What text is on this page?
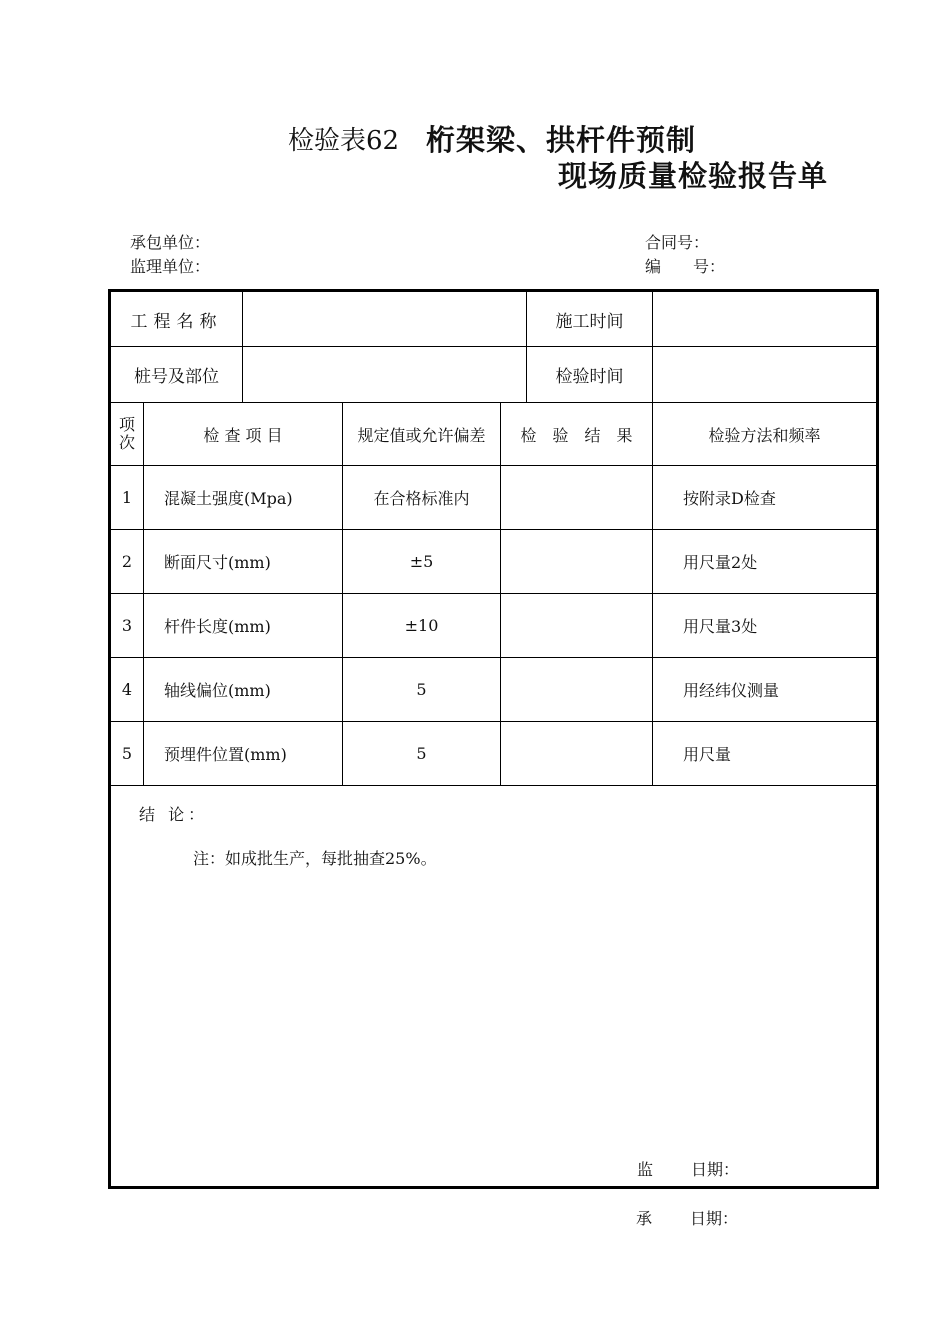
检验表62 桁架梁、拱杆件预制
现场质量检验报告单
承包单位：
监理单位：
合同号：
编　　号：
工程名称					施工时间	
桩号及部位					检验时间	
项次	检 查 项 目		规定值或允许偏差	检　验　结　果		检验方法和频率
1	混凝土强度(Mpa)		在合格标准内			按附录D检查
2	断面尺寸(mm)		±5			用尺量2处
3	杆件长度(mm)		±10			用尺量3处
4	轴线偏位(mm)		5			用经纬仪测量
5	预埋件位置(mm)		5			用尺量

结 论：
注：如成批生产，每批抽查25%。
监 日期：						
承 日期：
